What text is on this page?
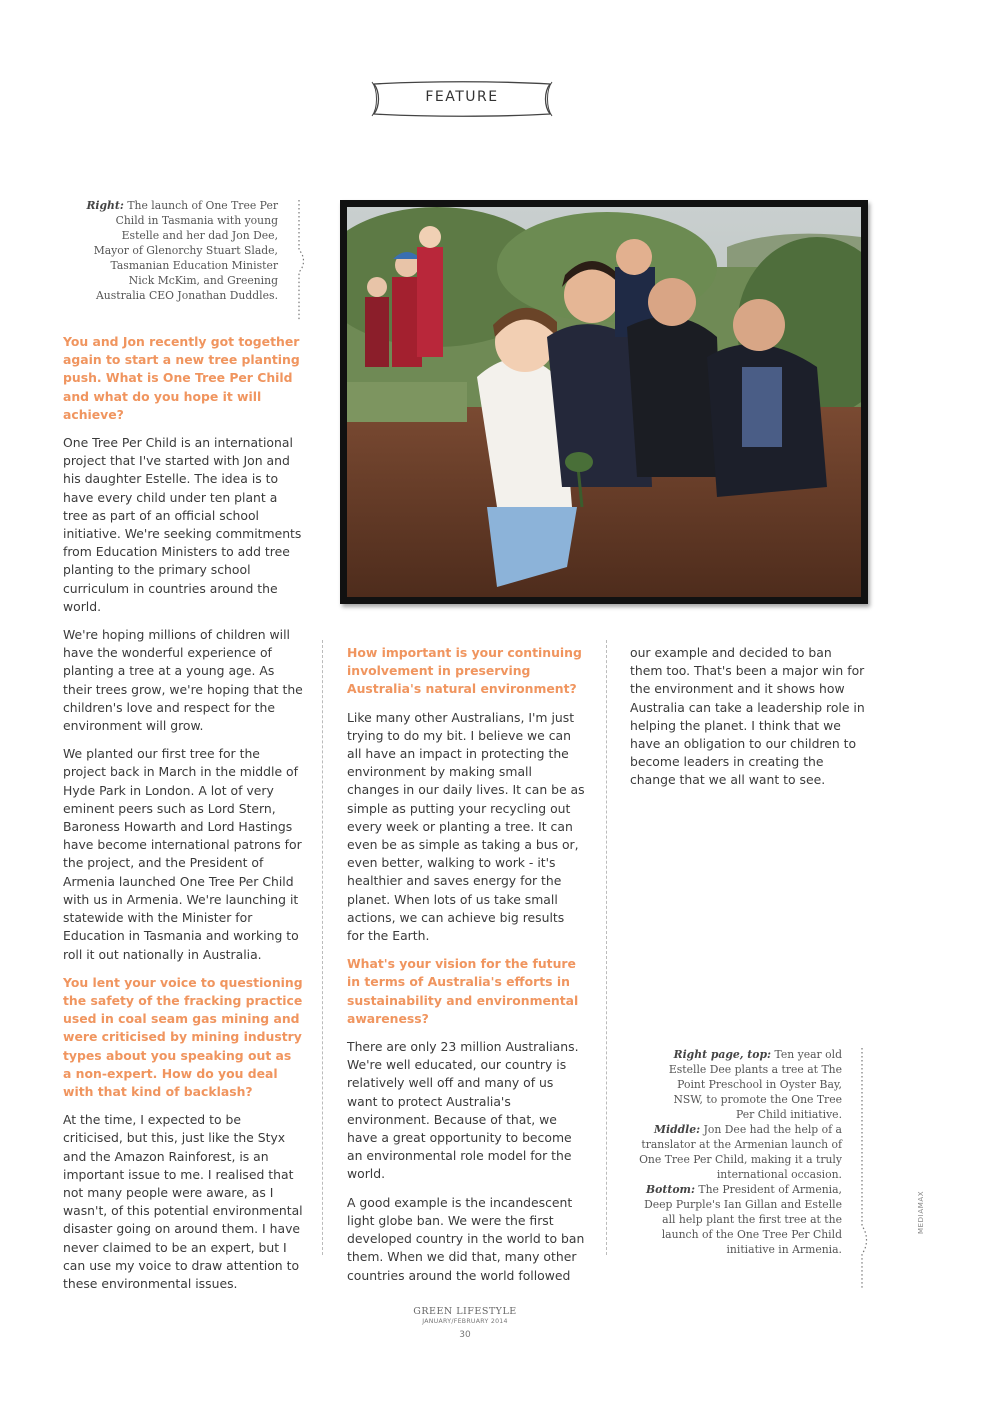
FEATURE
Right: The launch of One Tree Per
Child in Tasmania with young
Estelle and her dad Jon Dee,
Mayor of Glenorchy Stuart Slade,
Tasmanian Education Minister
Nick McKim, and Greening
Australia CEO Jonathan Duddles.

You and Jon recently got together again to start a new tree planting push. What is One Tree Per Child and what do you hope it will achieve?

One Tree Per Child is an international project that I've started with Jon and his daughter Estelle. The idea is to have every child under ten plant a tree as part of an official school initiative. We're seeking commitments from Education Ministers to add tree planting to the primary school curriculum in countries around the world.

We're hoping millions of children will have the wonderful experience of planting a tree at a young age. As their trees grow, we're hoping that the children's love and respect for the environment will grow.

We planted our first tree for the project back in March in the middle of Hyde Park in London. A lot of very eminent peers such as Lord Stern, Baroness Howarth and Lord Hastings have become international patrons for the project, and the President of Armenia launched One Tree Per Child with us in Armenia. We're launching it statewide with the Minister for Education in Tasmania and working to roll it out nationally in Australia.

You lent your voice to questioning the safety of the fracking practice used in coal seam gas mining and were criticised by mining industry types about you speaking out as a non-expert. How do you deal with that kind of backlash?

At the time, I expected to be criticised, but this, just like the Styx and the Amazon Rainforest, is an important issue to me. I realised that not many people were aware, as I wasn't, of this potential environmental disaster going on around them. I have never claimed to be an expert, but I can use my voice to draw attention to these environmental issues.

How important is your continuing involvement in preserving Australia's natural environment?

Like many other Australians, I'm just trying to do my bit. I believe we can all have an impact in protecting the environment by making small changes in our daily lives. It can be as simple as putting your recycling out every week or planting a tree. It can even be as simple as taking a bus or, even better, walking to work - it's healthier and saves energy for the planet. When lots of us take small actions, we can achieve big results for the Earth.

What's your vision for the future in terms of Australia's efforts in sustainability and environmental awareness?

There are only 23 million Australians. We're well educated, our country is relatively well off and many of us want to protect Australia's environment. Because of that, we have a great opportunity to become an environmental role model for the world.

A good example is the incandescent light globe ban. We were the first developed country in the world to ban them. When we did that, many other countries around the world followed

our example and decided to ban them too. That's been a major win for the environment and it shows how Australia can take a leadership role in helping the planet. I think that we have an obligation to our children to become leaders in creating the change that we all want to see.

Right page, top: Ten year old
Estelle Dee plants a tree at The
Point Preschool in Oyster Bay,
NSW, to promote the One Tree
Per Child initiative.
Middle: Jon Dee had the help of a
translator at the Armenian launch of
One Tree Per Child, making it a truly
international occasion.
Bottom: The President of Armenia,
Deep Purple's Ian Gillan and Estelle
all help plant the first tree at the
launch of the One Tree Per Child
initiative in Armenia.
MEDIAMAX
GREEN LIFESTYLE
JANUARY/FEBRUARY 2014
30
